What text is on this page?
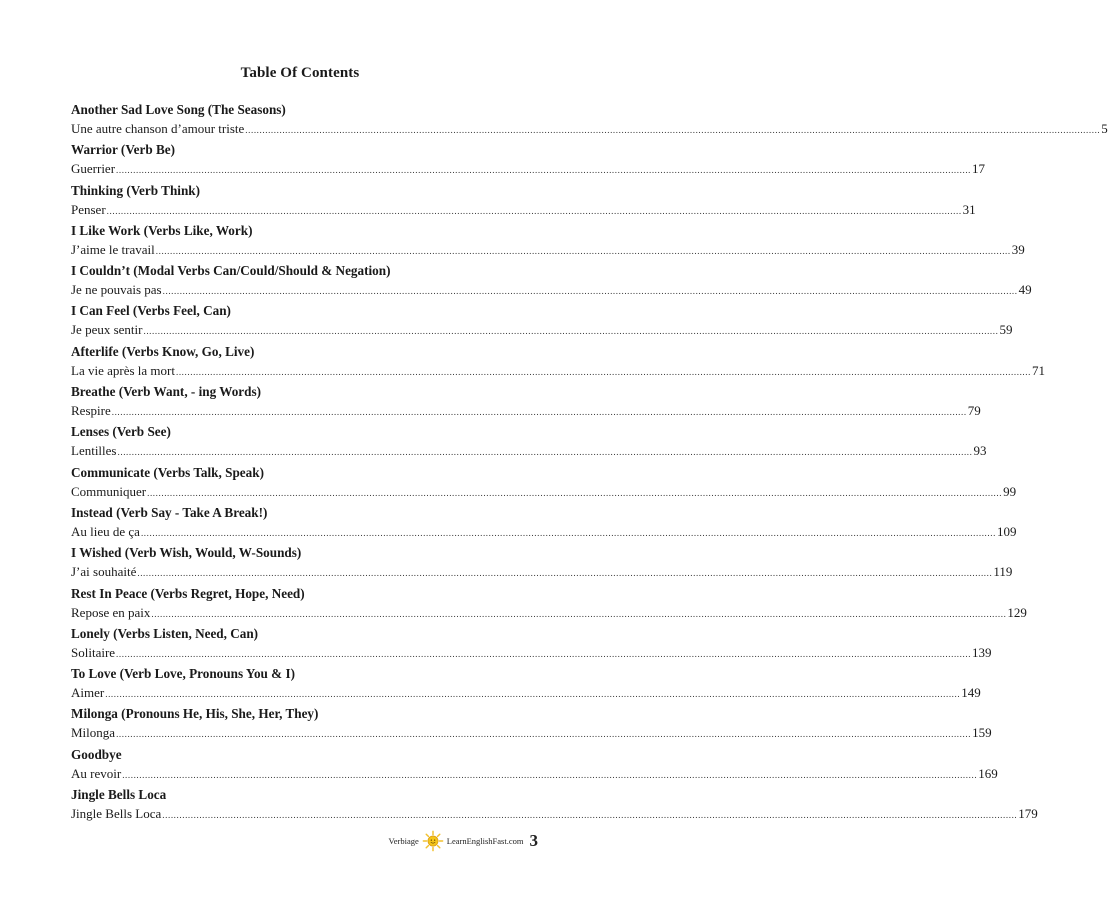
Table Of Contents
Another Sad Love Song (The Seasons)
Une autre chanson d’amour triste ............................................................................................................................................................................................................................................................................................................ 5
Warrior (Verb Be)
Guerrier ............................................................................................................................................................................................................................................................................................................ 17
Thinking (Verb Think)
Penser ............................................................................................................................................................................................................................................................................................................ 31
I Like Work (Verbs Like, Work)
J’aime le travail ............................................................................................................................................................................................................................................................................................................ 39
I Couldn’t (Modal Verbs Can/Could/Should & Negation)
Je ne pouvais pas ............................................................................................................................................................................................................................................................................................................ 49
I Can Feel (Verbs Feel, Can)
Je peux sentir ............................................................................................................................................................................................................................................................................................................ 59
Afterlife (Verbs Know, Go, Live)
La vie après la mort ............................................................................................................................................................................................................................................................................................................ 71
Breathe (Verb Want, - ing Words)
Respire ............................................................................................................................................................................................................................................................................................................ 79
Lenses (Verb See)
Lentilles ............................................................................................................................................................................................................................................................................................................ 93
Communicate (Verbs Talk, Speak)
Communiquer ............................................................................................................................................................................................................................................................................................................ 99
Instead (Verb Say - Take A Break!)
Au lieu de ça ............................................................................................................................................................................................................................................................................................................ 109
I Wished (Verb Wish, Would, W-Sounds)
J’ai souhaité ............................................................................................................................................................................................................................................................................................................ 119
Rest In Peace (Verbs Regret, Hope, Need)
Repose en paix ............................................................................................................................................................................................................................................................................................................ 129
Lonely (Verbs Listen, Need, Can)
Solitaire ............................................................................................................................................................................................................................................................................................................ 139
To Love (Verb Love, Pronouns You & I)
Aimer ............................................................................................................................................................................................................................................................................................................ 149
Milonga (Pronouns He, His, She, Her, They)
Milonga ............................................................................................................................................................................................................................................................................................................ 159
Goodbye
Au revoir ............................................................................................................................................................................................................................................................................................................ 169
Jingle Bells Loca
Jingle Bells Loca ............................................................................................................................................................................................................................................................................................................ 179
Verbiage	LearnEnglishFast.com 3
